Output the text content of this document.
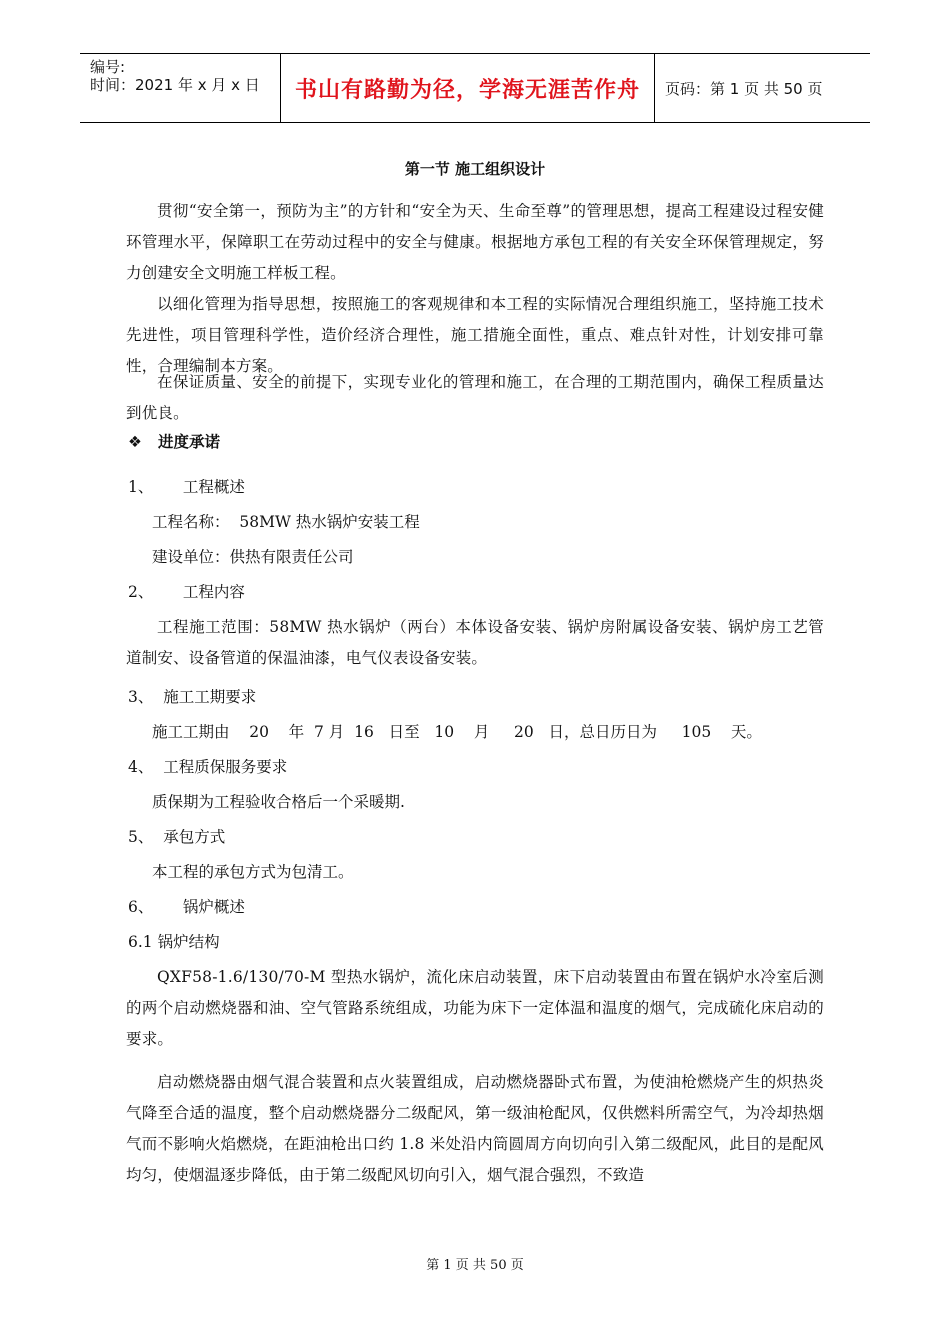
编号:
时间：2021 年 x 月 x 日	书山有路勤为径，学海无涯苦作舟	页码：第 1 页 共 50 页
第一节 施工组织设计

贯彻“安全第一，预防为主”的方针和“安全为天、生命至尊”的管理思想，提高工程建设过程安健环管理水平，保障职工在劳动过程中的安全与健康。根据地方承包工程的有关安全环保管理规定，努力创建安全文明施工样板工程。

以细化管理为指导思想，按照施工的客观规律和本工程的实际情况合理组织施工，坚持施工技术先进性，项目管理科学性，造价经济合理性，施工措施全面性，重点、难点针对性，计划安排可靠性，合理编制本方案。

在保证质量、安全的前提下，实现专业化的管理和施工，在合理的工期范围内，确保工程质量达到优良。

❖ 进度承诺
1、      工程概述
工程名称：  58MW 热水锅炉安装工程
建设单位：供热有限责任公司
2、      工程内容

工程施工范围：58MW 热水锅炉（两台）本体设备安装、锅炉房附属设备安装、锅炉房工艺管道制安、设备管道的保温油漆，电气仪表设备安装。

3、  施工工期要求
施工工期由    20    年  7 月  16   日至   10    月     20   日，总日历日为     105    天。
4、  工程质保服务要求
质保期为工程验收合格后一个采暖期.
5、  承包方式
本工程的承包方式为包清工。
6、      锅炉概述
6.1 锅炉结构

QXF58-1.6/130/70-M 型热水锅炉，流化床启动装置，床下启动装置由布置在锅炉水冷室后测的两个启动燃烧器和油、空气管路系统组成，功能为床下一定体温和温度的烟气，完成硫化床启动的要求。

启动燃烧器由烟气混合装置和点火装置组成，启动燃烧器卧式布置，为使油枪燃烧产生的炽热炎气降至合适的温度，整个启动燃烧器分二级配风，第一级油枪配风，仅供燃料所需空气，为冷却热烟气而不影响火焰燃烧，在距油枪出口约 1.8 米处沿内筒圆周方向切向引入第二级配风，此目的是配风均匀，使烟温逐步降低，由于第二级配风切向引入，烟气混合强烈，不致造

第 1 页 共 50 页
